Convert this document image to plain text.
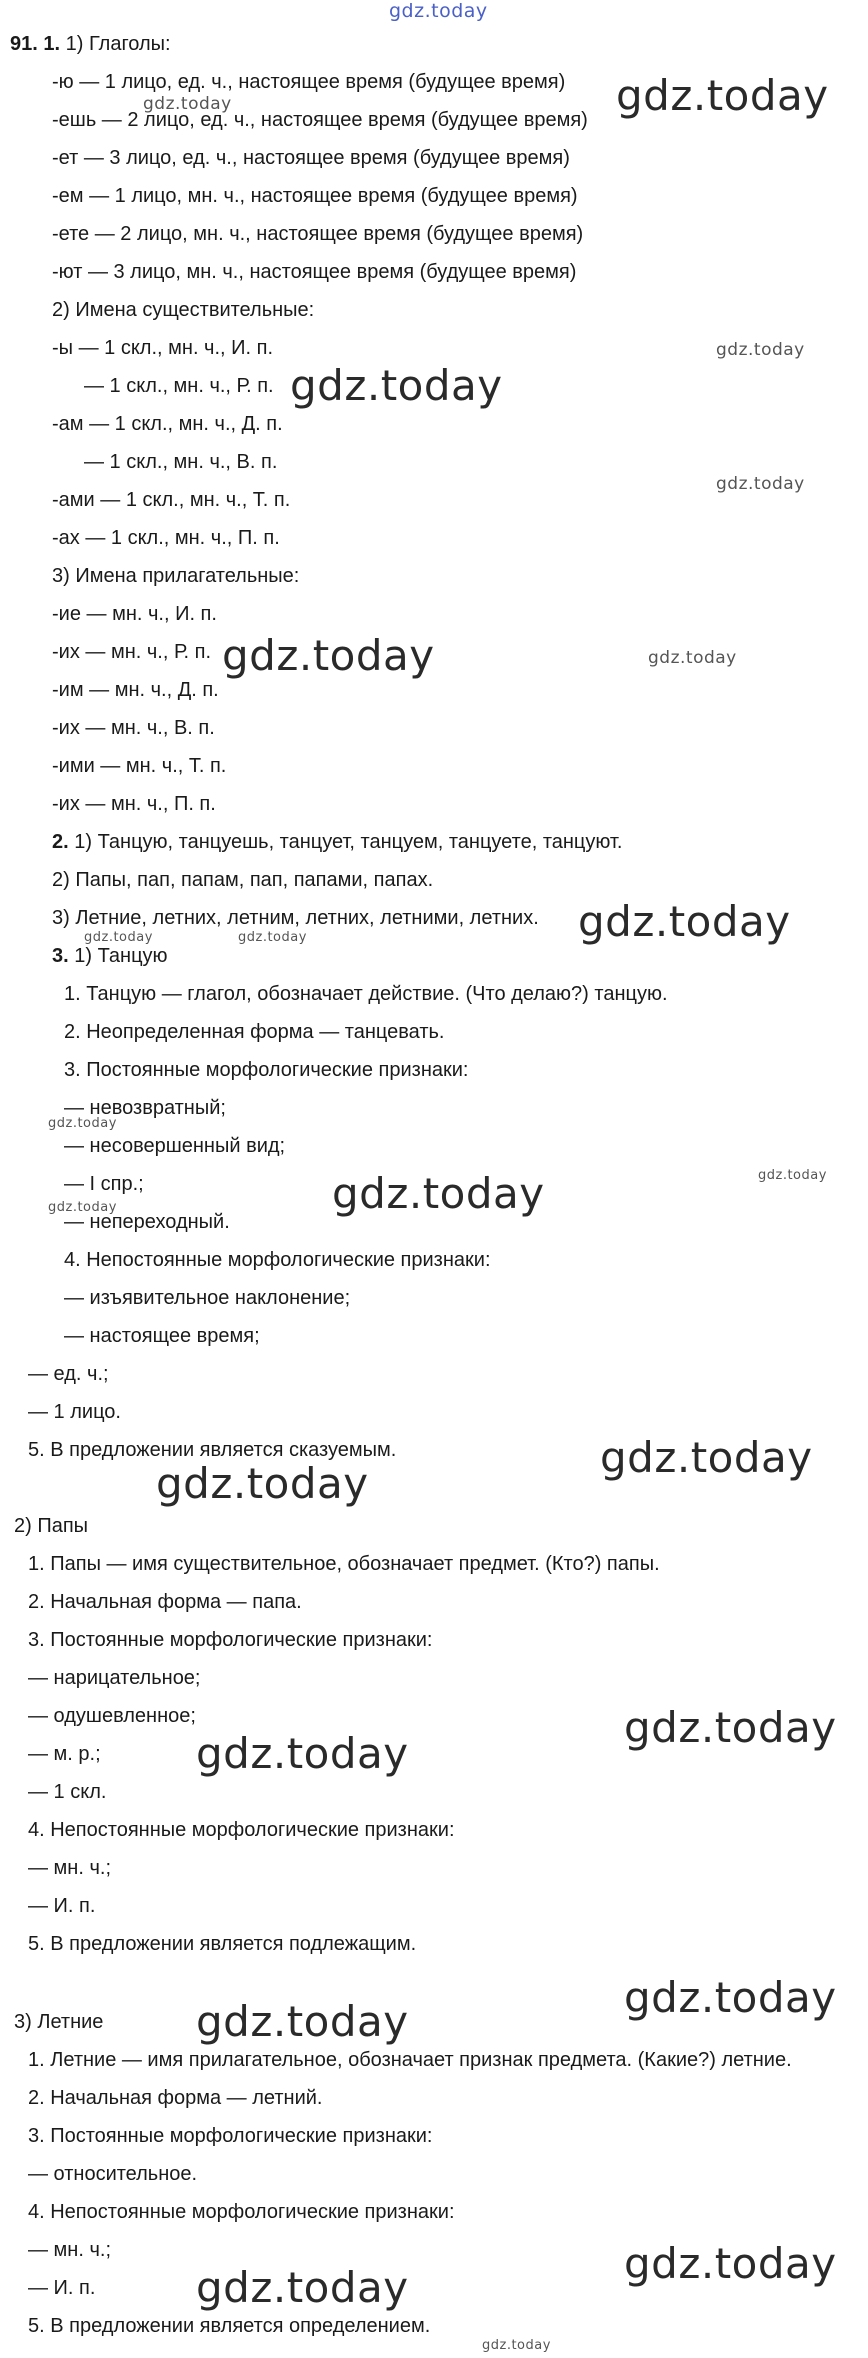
gdz.today
91. 1. 1) Глаголы:
-ю — 1 лицо, ед. ч., настоящее время (будущее время)
-ешь — 2 лицо, ед. ч., настоящее время (будущее время)
-ет — 3 лицо, ед. ч., настоящее время (будущее время)
-ем — 1 лицо, мн. ч., настоящее время (будущее время)
-ете — 2 лицо, мн. ч., настоящее время (будущее время)
-ют — 3 лицо, мн. ч., настоящее время (будущее время)
2) Имена существительные:
-ы — 1 скл., мн. ч., И. п.
— 1 скл., мн. ч., Р. п.
-ам — 1 скл., мн. ч., Д. п.
— 1 скл., мн. ч., В. п.
-ами — 1 скл., мн. ч., Т. п.
-ах — 1 скл., мн. ч., П. п.
3) Имена прилагательные:
-ие — мн. ч., И. п.
-их — мн. ч., Р. п.
-им — мн. ч., Д. п.
-их — мн. ч., В. п.
-ими — мн. ч., Т. п.
-их — мн. ч., П. п.
2. 1) Танцую, танцуешь, танцует, танцуем, танцуете, танцуют.
2) Папы, пап, папам, пап, папами, папах.
3) Летние, летних, летним, летних, летними, летних.
3. 1) Танцую
1. Танцую — глагол, обозначает действие. (Что делаю?) танцую.
2. Неопределенная форма — танцевать.
3. Постоянные морфологические признаки:
— невозвратный;
— несовершенный вид;
— I спр.;
— непереходный.
4. Непостоянные морфологические признаки:
— изъявительное наклонение;
— настоящее время;
— ед. ч.;
— 1 лицо.
5. В предложении является сказуемым.
2) Папы
1. Папы — имя существительное, обозначает предмет. (Кто?) папы.
2. Начальная форма — папа.
3. Постоянные морфологические признаки:
— нарицательное;
— одушевленное;
— м. р.;
— 1 скл.
4. Непостоянные морфологические признаки:
— мн. ч.;
— И. п.
5. В предложении является подлежащим.
3) Летние
1. Летние — имя прилагательное, обозначает признак предмета. (Какие?) летние.
2. Начальная форма — летний.
3. Постоянные морфологические признаки:
— относительное.
4. Непостоянные морфологические признаки:
— мн. ч.;
— И. п.
5. В предложении является определением.
gdz.today
gdz.today
gdz.today
gdz.today
gdz.today
gdz.today	gdz.today
gdz.today
gdz.today	gdz.today
gdz.today
gdz.today
gdz.today
gdz.today
gdz.today
gdz.today
gdz.today
gdz.today
gdz.today
gdz.today
gdz.today
gdz.today
gdz.today
